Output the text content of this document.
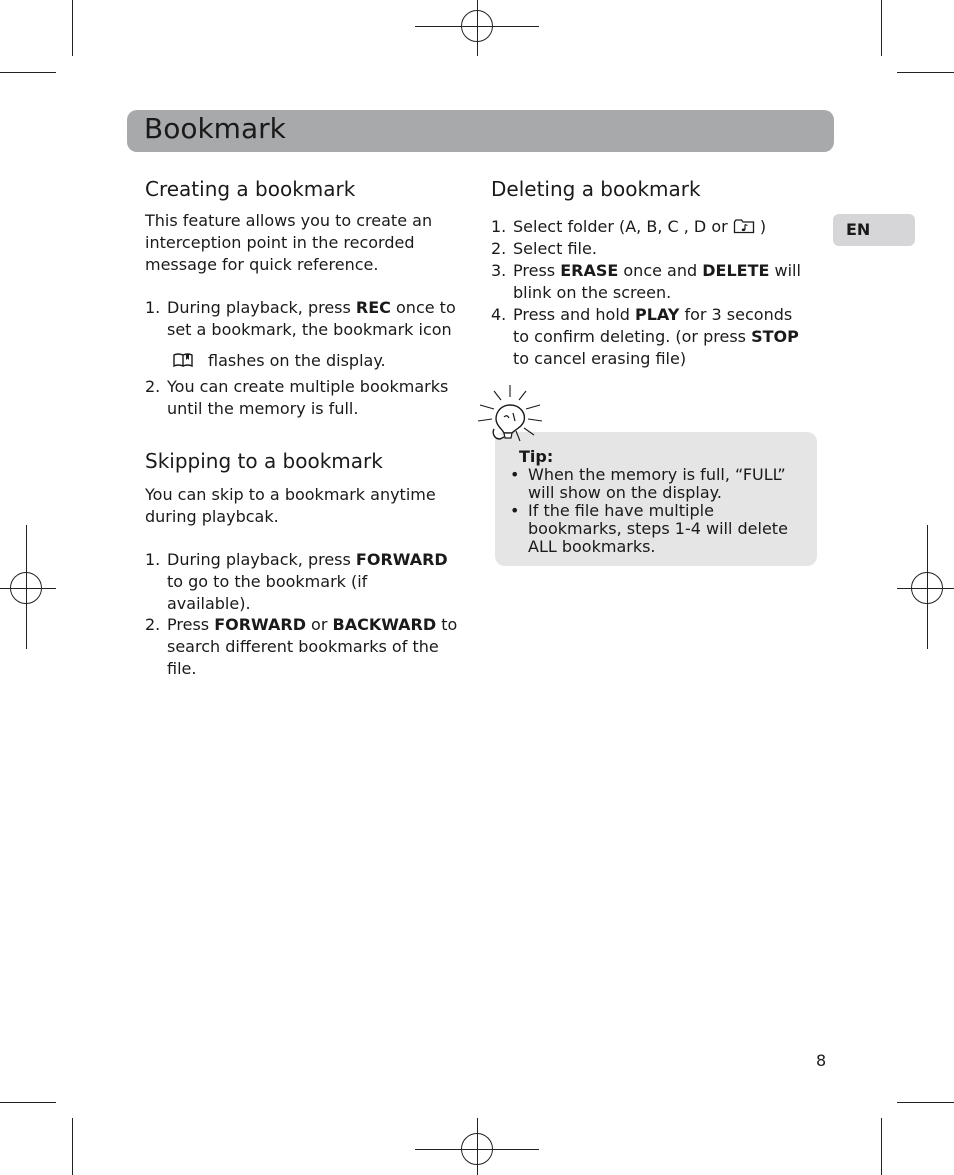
Bookmark
EN
Creating a bookmark
This feature allows you to create an
interception point in the recorded
message for quick reference.
1. During playback, press REC once to
set a bookmark, the bookmark icon
flashes on the display.
2. You can create multiple bookmarks
until the memory is full.
Skipping to a bookmark
You can skip to a bookmark anytime
during playbcak.
1. During playback, press FORWARD
to go to the bookmark (if
available).
2. Press FORWARD or BACKWARD to
search different bookmarks of the
file.
Deleting a bookmark
1. Select folder (A, B, C , D or  )
2. Select file.
3. Press ERASE once and DELETE will
blink on the screen.
4. Press and hold PLAY for 3 seconds
to confirm deleting. (or press STOP
to cancel erasing file)
Tip:
• When the memory is full, “FULL”
will show on the display.
• If the file have multiple
bookmarks, steps 1-4 will delete
ALL bookmarks.
8
